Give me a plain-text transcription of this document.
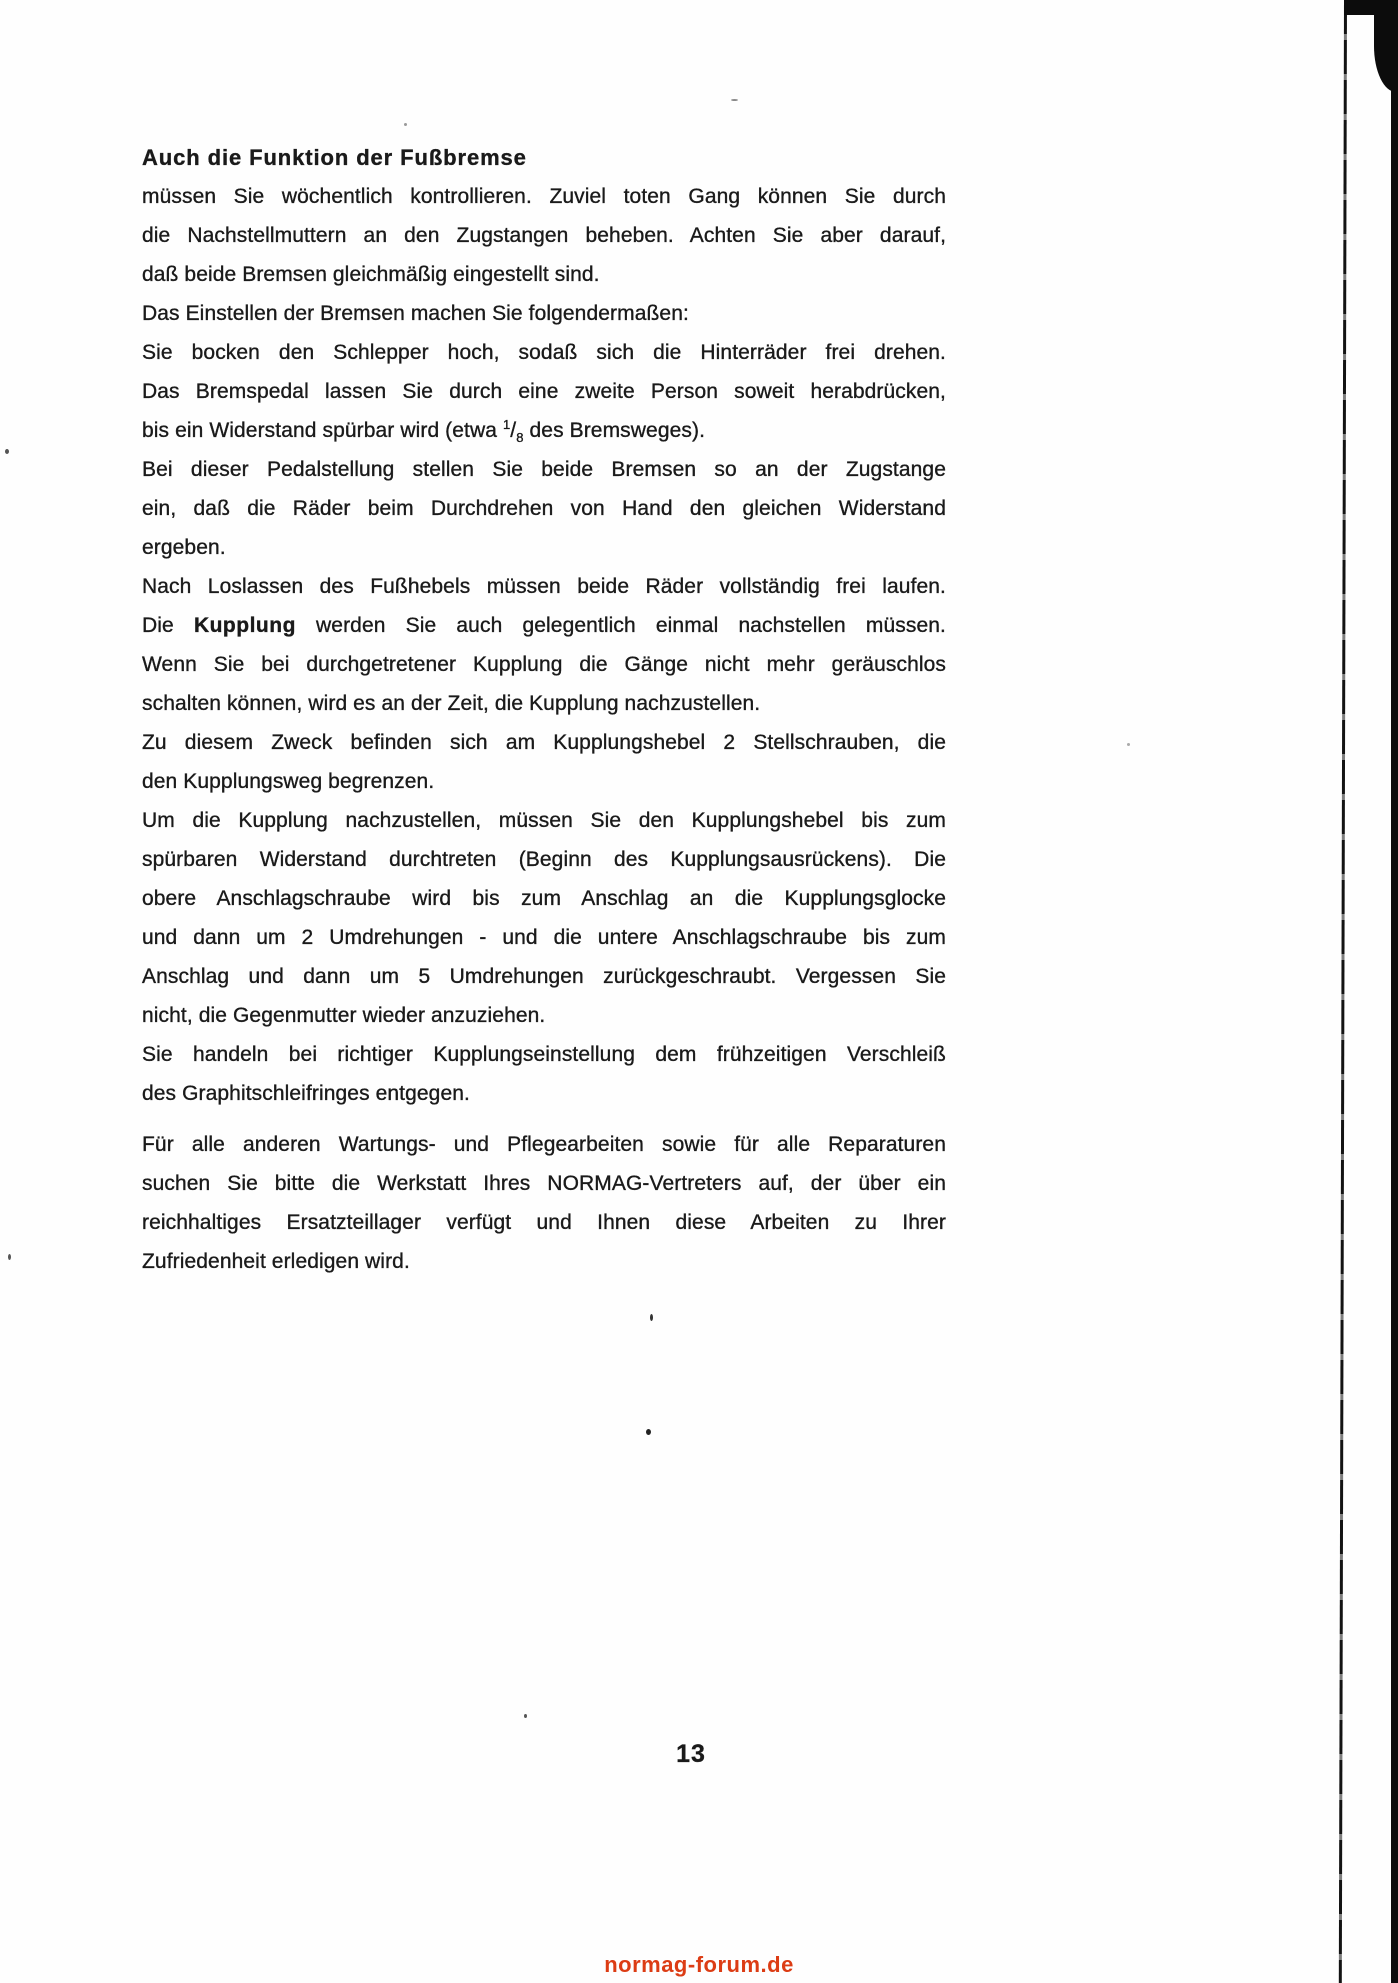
Auch die Funktion der Fußbremse
müssen Sie wöchentlich kontrollieren. Zuviel toten Gang können Sie durch
die Nachstellmuttern an den Zugstangen beheben. Achten Sie aber darauf,
daß beide Bremsen gleichmäßig eingestellt sind.
Das Einstellen der Bremsen machen Sie folgendermaßen:
Sie bocken den Schlepper hoch, sodaß sich die Hinterräder frei drehen.
Das Bremspedal lassen Sie durch eine zweite Person soweit herabdrücken,
bis ein Widerstand spürbar wird (etwa $^1/_8$ des Bremsweges).
Bei dieser Pedalstellung stellen Sie beide Bremsen so an der Zugstange
ein, daß die Räder beim Durchdrehen von Hand den gleichen Widerstand
ergeben.
Nach Loslassen des Fußhebels müssen beide Räder vollständig frei laufen.
Die Kupplung werden Sie auch gelegentlich einmal nachstellen müssen.
Wenn Sie bei durchgetretener Kupplung die Gänge nicht mehr geräuschlos
schalten können, wird es an der Zeit, die Kupplung nachzustellen.
Zu diesem Zweck befinden sich am Kupplungshebel 2 Stellschrauben, die
den Kupplungsweg begrenzen.
Um die Kupplung nachzustellen, müssen Sie den Kupplungshebel bis zum
spürbaren Widerstand durchtreten (Beginn des Kupplungsausrückens). Die
obere Anschlagschraube wird bis zum Anschlag an die Kupplungsglocke
und dann um 2 Umdrehungen - und die untere Anschlagschraube bis zum
Anschlag und dann um 5 Umdrehungen zurückgeschraubt. Vergessen Sie
nicht, die Gegenmutter wieder anzuziehen.
Sie handeln bei richtiger Kupplungseinstellung dem frühzeitigen Verschleiß
des Graphitschleifringes entgegen.
Für alle anderen Wartungs- und Pflegearbeiten sowie für alle Reparaturen
suchen Sie bitte die Werkstatt Ihres NORMAG-Vertreters auf, der über ein
reichhaltiges Ersatzteillager verfügt und Ihnen diese Arbeiten zu Ihrer
Zufriedenheit erledigen wird.
13
normag-forum.de
